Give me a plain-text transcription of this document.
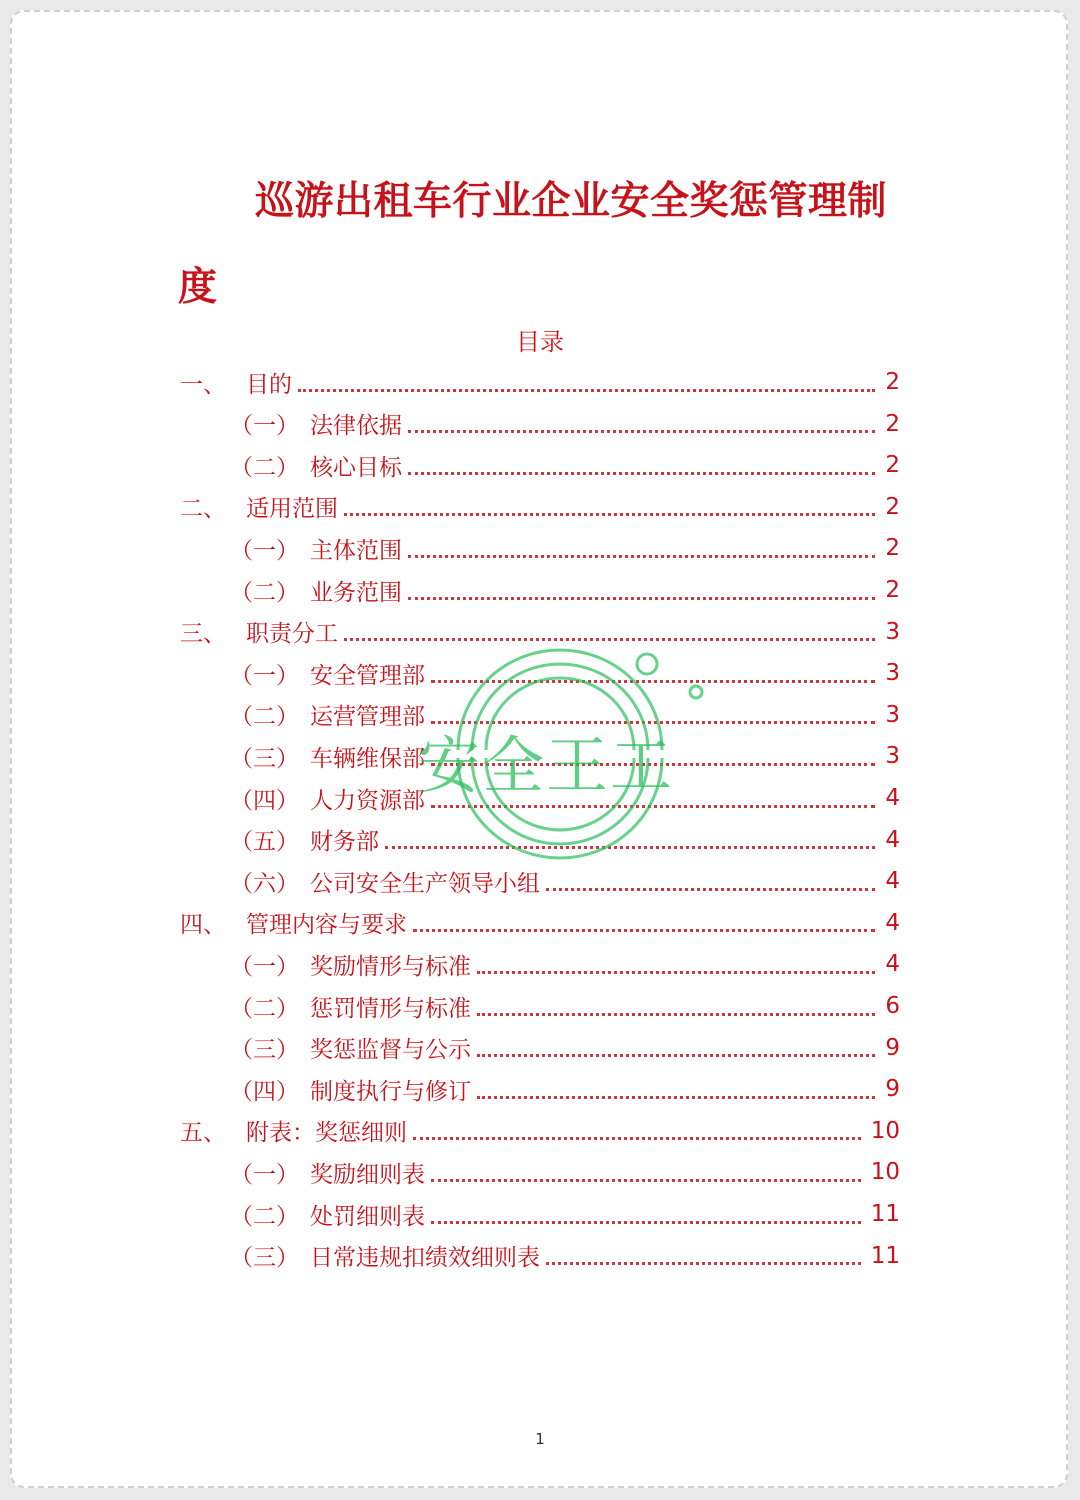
巡游出租车行业企业安全奖惩管理制
度
目录
一、 目的	2
（一） 法律依据	2
（二） 核心目标	2
二、 适用范围	2
（一） 主体范围	2
（二） 业务范围	2
三、 职责分工	3
（一） 安全管理部	3
（二） 运营管理部	3
（三） 车辆维保部	3
（四） 人力资源部	4
（五） 财务部	4
（六） 公司安全生产领导小组	4
四、 管理内容与要求	4
（一） 奖励情形与标准	4
（二） 惩罚情形与标准	6
（三） 奖惩监督与公示	9
（四） 制度执行与修订	9
五、 附表：奖惩细则	10
（一） 奖励细则表	10
（二） 处罚细则表	11
（三） 日常违规扣绩效细则表	11
安全王工
1
